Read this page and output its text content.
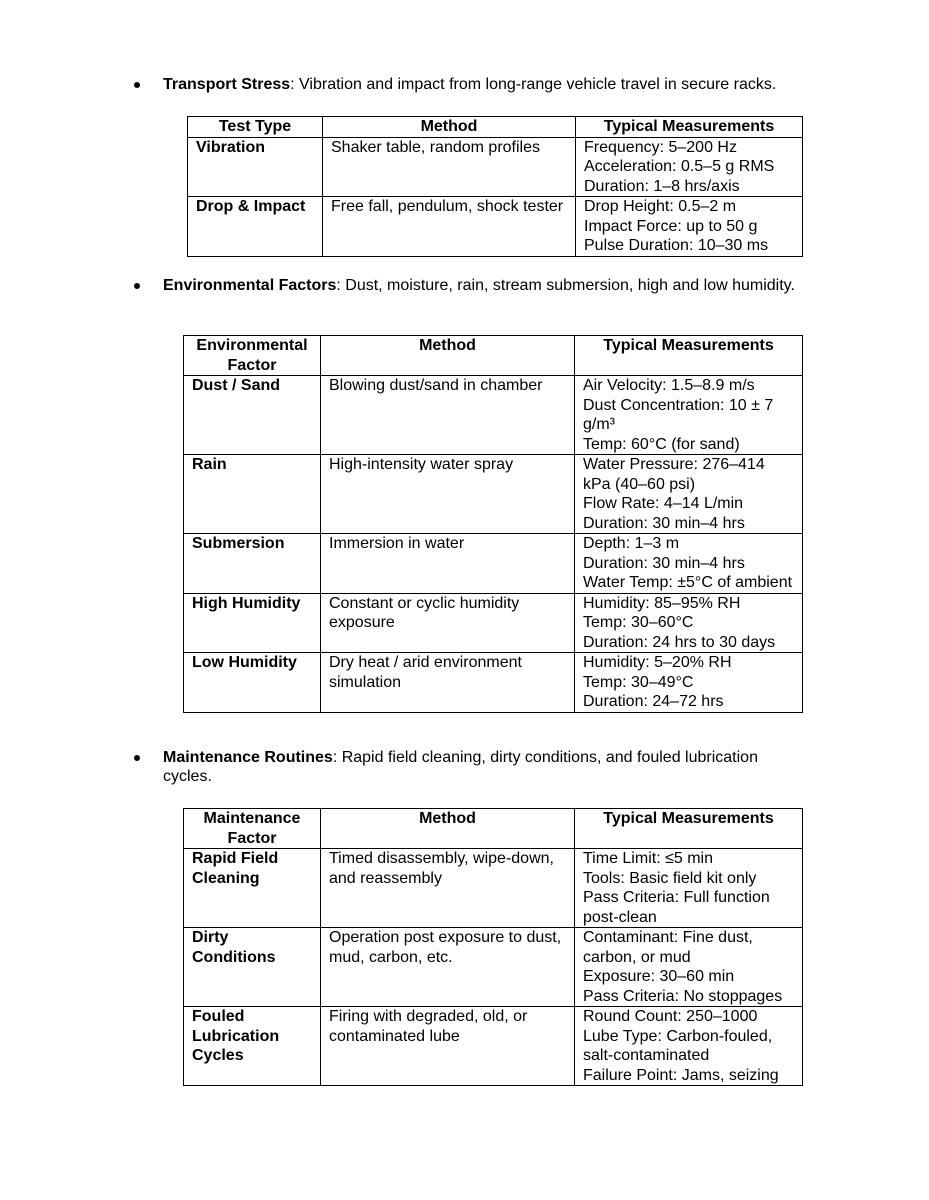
Transport Stress: Vibration and impact from long-range vehicle travel in secure racks.
Test Type	Method	Typical Measurements
Vibration	Shaker table, random profiles	Frequency: 5–200 Hz
Acceleration: 0.5–5 g RMS
Duration: 1–8 hrs/axis

Drop & Impact	Free fall, pendulum, shock tester	Drop Height: 0.5–2 m
Impact Force: up to 50 g
Pulse Duration: 10–30 ms
Environmental Factors: Dust, moisture, rain, stream submersion, high and low humidity.
Environmental Factor	Method	Typical Measurements
Dust / Sand	Blowing dust/sand in chamber	Air Velocity: 1.5–8.9 m/s
Dust Concentration: 10 ± 7 g/m³
Temp: 60°C (for sand)

Rain	High-intensity water spray	Water Pressure: 276–414 kPa (40–60 psi)
Flow Rate: 4–14 L/min
Duration: 30 min–4 hrs

Submersion	Immersion in water	Depth: 1–3 m
Duration: 30 min–4 hrs
Water Temp: ±5°C of ambient

High Humidity	Constant or cyclic humidity exposure	Humidity: 85–95% RH
Temp: 30–60°C
Duration: 24 hrs to 30 days

Low Humidity	Dry heat / arid environment simulation	Humidity: 5–20% RH
Temp: 30–49°C
Duration: 24–72 hrs
Maintenance Routines: Rapid field cleaning, dirty conditions, and fouled lubrication cycles.
Maintenance Factor	Method	Typical Measurements
Rapid Field Cleaning	Timed disassembly, wipe-down, and reassembly	Time Limit: ≤5 min
Tools: Basic field kit only
Pass Criteria: Full function post-clean

Dirty Conditions	Operation post exposure to dust, mud, carbon, etc.	Contaminant: Fine dust, carbon, or mud
Exposure: 30–60 min
Pass Criteria: No stoppages

Fouled Lubrication Cycles	Firing with degraded, old, or contaminated lube	Round Count: 250–1000
Lube Type: Carbon-fouled, salt-contaminated
Failure Point: Jams, seizing
